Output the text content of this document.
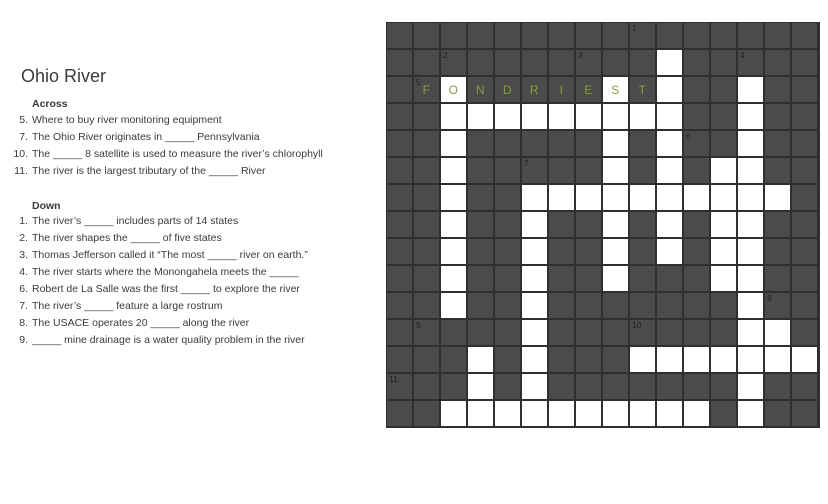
Ohio River
Across
Down

5. Where to buy river monitoring equipment

7. The Ohio River originates in _____ Pennsylvania

10. The _____ 8 satellite is used to measure the river’s chlorophyll

11. The river is the largest tributary of the _____ River

1. The river’s _____ includes parts of 14 states

2. The river shapes the _____ of five states

3. Thomas Jefferson called it “The most _____ river on earth.”

4. The river starts where the Monongahela meets the _____

6. Robert de La Salle was the first _____ to explore the river

7. The river’s _____ feature a large rostrum

8. The USACE operates 20 _____ along the river

9. _____ mine drainage is a water quality problem in the river

1
2	3	4
5
F	O	N	D	R	I	E	S	T
6
7
8
9	10
11
